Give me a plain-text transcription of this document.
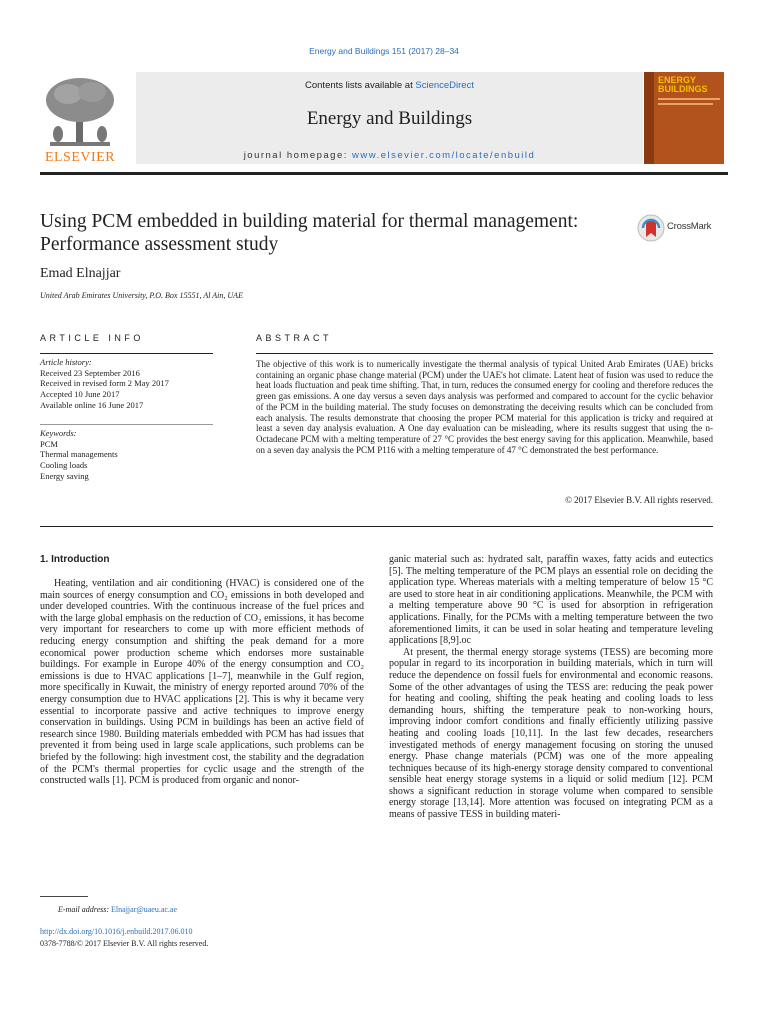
Energy and Buildings 151 (2017) 28–34
ELSEVIER
Contents lists available at ScienceDirect
Energy and Buildings
journal homepage: www.elsevier.com/locate/enbuild
ENERGY BUILDINGS
Using PCM embedded in building material for thermal management: Performance assessment study
CrossMark
Emad Elnajjar
United Arab Emirates University, P.O. Box 15551, Al Ain, UAE
ARTICLE INFO
Article history:
Received 23 September 2016
Received in revised form 2 May 2017
Accepted 10 June 2017
Available online 16 June 2017
Keywords:
PCM
Thermal managements
Cooling loads
Energy saving
ABSTRACT
The objective of this work is to numerically investigate the thermal analysis of typical United Arab Emirates (UAE) bricks containing an organic phase change material (PCM) under the UAE's hot climate. Latent heat of fusion was used to reduce the heat loads fluctuation and peak time shifting. That, in turn, reduces the consumed energy for cooling and therefore reduces the green gas emissions. A one day versus a seven days analysis was performed and compared to account for the cyclic behavior of the PCM in the building material. The study focuses on demonstrating the deceiving results which can be concluded from each analysis. The results demonstrate that choosing the proper PCM material for this application is tricky and required at least a seven day analysis evaluation. A One day evaluation can be misleading, where its results suggest that using the n-Octadecane PCM with a melting temperature of 27 °C provides the best energy saving for this application. Meanwhile, based on a seven day analysis the PCM P116 with a melting temperature of 47 °C demonstrated the best performance.
© 2017 Elsevier B.V. All rights reserved.
1. Introduction

Heating, ventilation and air conditioning (HVAC) is considered one of the main sources of energy consumption and CO₂ emissions in both developed and under developed countries. With the continuous increase of the fuel prices and with the large global emphasis on the reduction of CO₂ emissions, it has become very important for researchers to come up with more efficient methods of reducing energy consumption and shifting the peak demand for a more economical power production scheme which endorses more sustainable buildings. For example in Europe 40% of the energy consumption and CO₂ emissions is due to HVAC applications [1–7], meanwhile in the Gulf region, more specifically in Kuwait, the ministry of energy reported around 70% of the energy consumption due to HVAC applications [2]. This is why it became very essential to incorporate passive and active techniques to improve energy conservation in buildings. Using PCM in buildings has been an active field of research since 1980. Building materials embedded with PCM has had issues that prevented it from being used in large scale applications, such problems can be briefed by the following: high investment cost, the stability and the degradation of the PCM's thermal properties for cyclic usage and the strength of the constructed walls [1]. PCM is produced from organic and nonor-

ganic material such as: hydrated salt, paraffin waxes, fatty acids and eutectics [5]. The melting temperature of the PCM plays an essential role on deciding the application type. Whereas materials with a melting temperature of below 15 °C are used to store heat in air conditioning applications. Meanwhile, the PCM with a melting temperature above 90 °C is used for absorption in refrigeration applications. Finally, for the PCMs with a melting temperature between the two aforementioned limits, it can be used in solar heating and temperature leveling applications [8,9].oc

At present, the thermal energy storage systems (TESS) are becoming more popular in regard to its incorporation in building materials, which in turn will reduce the dependence on fossil fuels for environmental and economic reasons. Some of the other advantages of using the TESS are: reducing the peak power for heating and cooling, shifting the peak heating and cooling loads to less demanding hours, shifting the temperature peak to non-working hours, improving indoor comfort conditions and finally efficiently utilizing passive heating and cooling loads [10,11]. In the last few decades, researchers investigated methods of energy management focusing on storing the unused energy. Phase change materials (PCM) was one of the more appealing techniques because of its high-energy storage density compared to conventional sensible heat energy storage systems in a liquid or solid medium [12]. PCM shows a significant reduction in storage volume when compared to sensible energy storage [13,14]. More attention was focused on integrating PCM as a means of passive TESS in building materi-

E-mail address: Elnajjar@uaeu.ac.ae
http://dx.doi.org/10.1016/j.enbuild.2017.06.010
0378-7788/© 2017 Elsevier B.V. All rights reserved.
